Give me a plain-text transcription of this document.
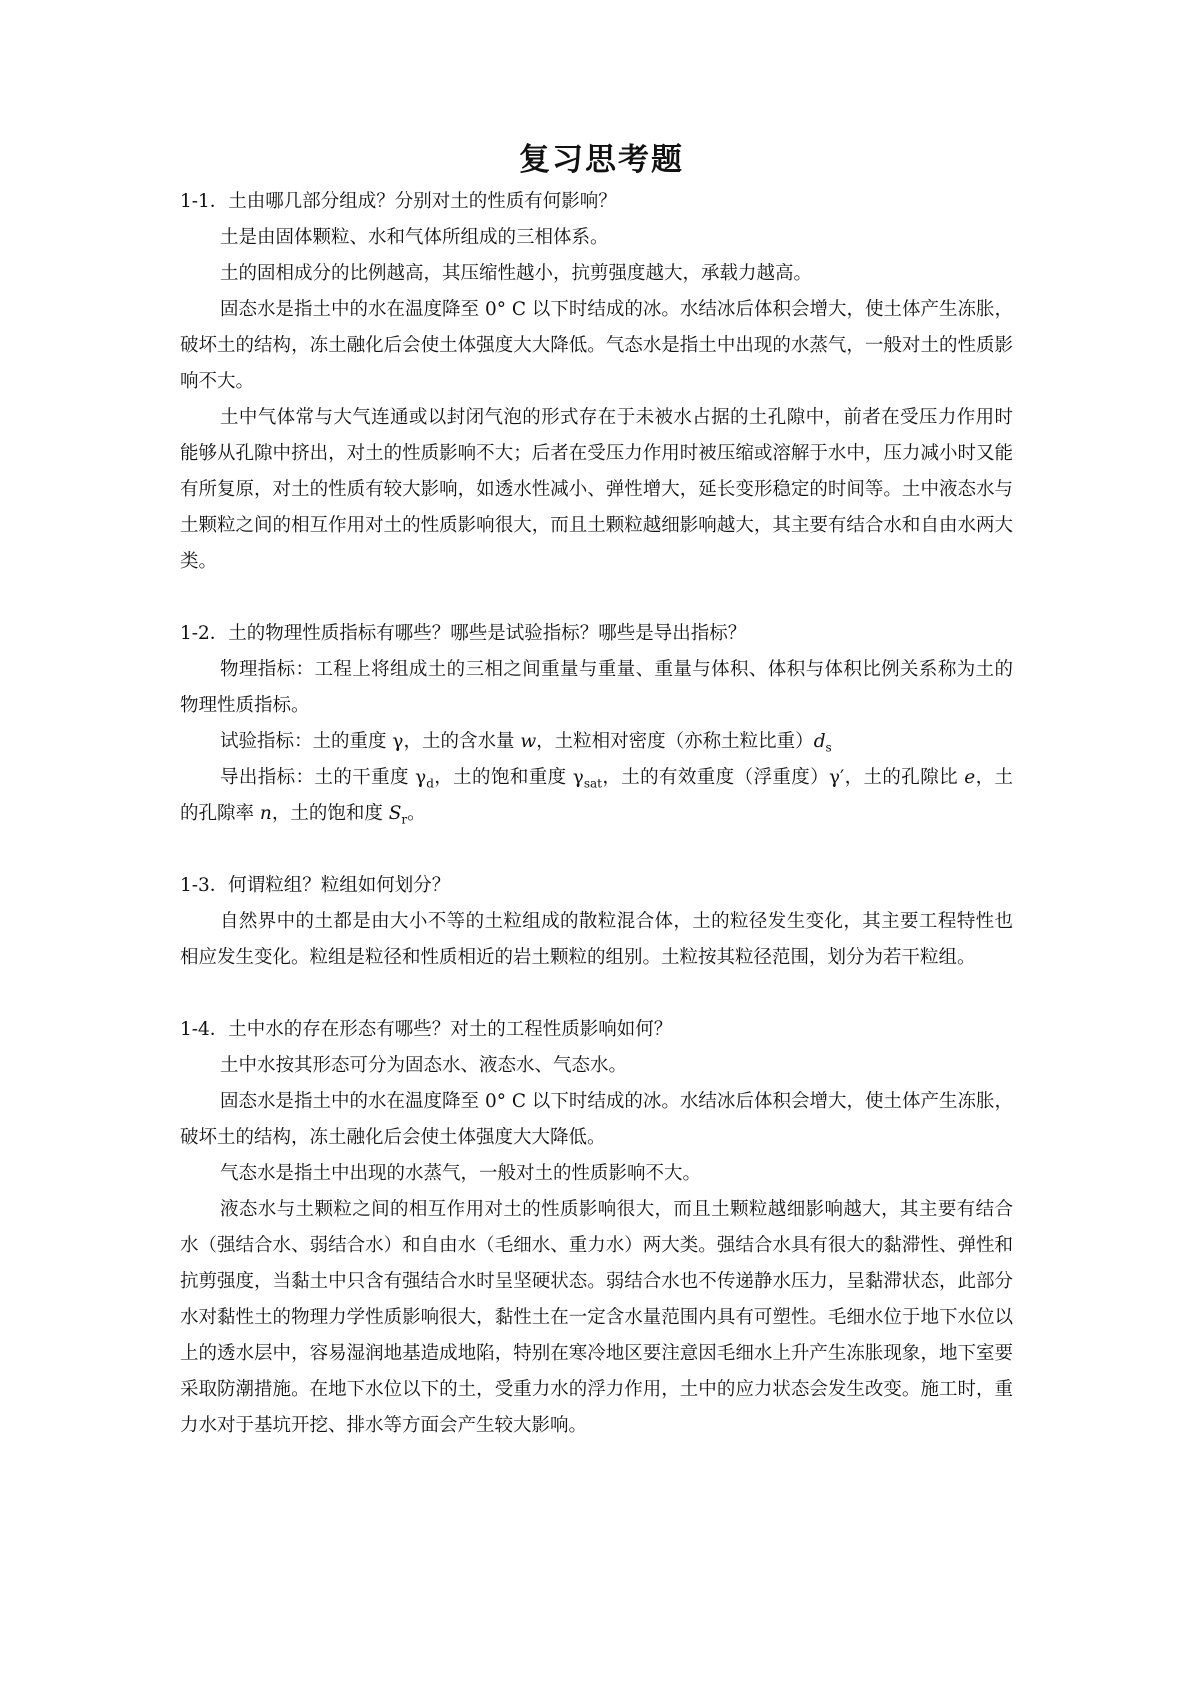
复习思考题

1-1．土由哪几部分组成？分别对土的性质有何影响？

土是由固体颗粒、水和气体所组成的三相体系。

土的固相成分的比例越高，其压缩性越小，抗剪强度越大，承载力越高。

固态水是指土中的水在温度降至 0° C 以下时结成的冰。水结冰后体积会增大，使土体产生冻胀，破坏土的结构，冻土融化后会使土体强度大大降低。气态水是指土中出现的水蒸气，一般对土的性质影响不大。

土中气体常与大气连通或以封闭气泡的形式存在于未被水占据的土孔隙中，前者在受压力作用时能够从孔隙中挤出，对土的性质影响不大；后者在受压力作用时被压缩或溶解于水中，压力减小时又能有所复原，对土的性质有较大影响，如透水性减小、弹性增大，延长变形稳定的时间等。土中液态水与土颗粒之间的相互作用对土的性质影响很大，而且土颗粒越细影响越大，其主要有结合水和自由水两大类。

1-2．土的物理性质指标有哪些？哪些是试验指标？哪些是导出指标？

物理指标：工程上将组成土的三相之间重量与重量、重量与体积、体积与体积比例关系称为土的物理性质指标。

试验指标：土的重度 γ，土的含水量 w，土粒相对密度（亦称土粒比重）$d_s$

导出指标：土的干重度 $\gamma_d$，土的饱和重度 $\gamma_{sat}$，土的有效重度（浮重度）γ′，土的孔隙比 e，土的孔隙率 n，土的饱和度 $S_r$。

1-3．何谓粒组？粒组如何划分？

自然界中的土都是由大小不等的土粒组成的散粒混合体，土的粒径发生变化，其主要工程特性也相应发生变化。粒组是粒径和性质相近的岩土颗粒的组别。土粒按其粒径范围，划分为若干粒组。

1-4．土中水的存在形态有哪些？对土的工程性质影响如何？

土中水按其形态可分为固态水、液态水、气态水。

固态水是指土中的水在温度降至 0° C 以下时结成的冰。水结冰后体积会增大，使土体产生冻胀，破坏土的结构，冻土融化后会使土体强度大大降低。

气态水是指土中出现的水蒸气，一般对土的性质影响不大。

液态水与土颗粒之间的相互作用对土的性质影响很大，而且土颗粒越细影响越大，其主要有结合水（强结合水、弱结合水）和自由水（毛细水、重力水）两大类。强结合水具有很大的黏滞性、弹性和抗剪强度，当黏土中只含有强结合水时呈坚硬状态。弱结合水也不传递静水压力，呈黏滞状态，此部分水对黏性土的物理力学性质影响很大，黏性土在一定含水量范围内具有可塑性。毛细水位于地下水位以上的透水层中，容易湿润地基造成地陷，特别在寒冷地区要注意因毛细水上升产生冻胀现象，地下室要采取防潮措施。在地下水位以下的土，受重力水的浮力作用，土中的应力状态会发生改变。施工时，重力水对于基坑开挖、排水等方面会产生较大影响。
